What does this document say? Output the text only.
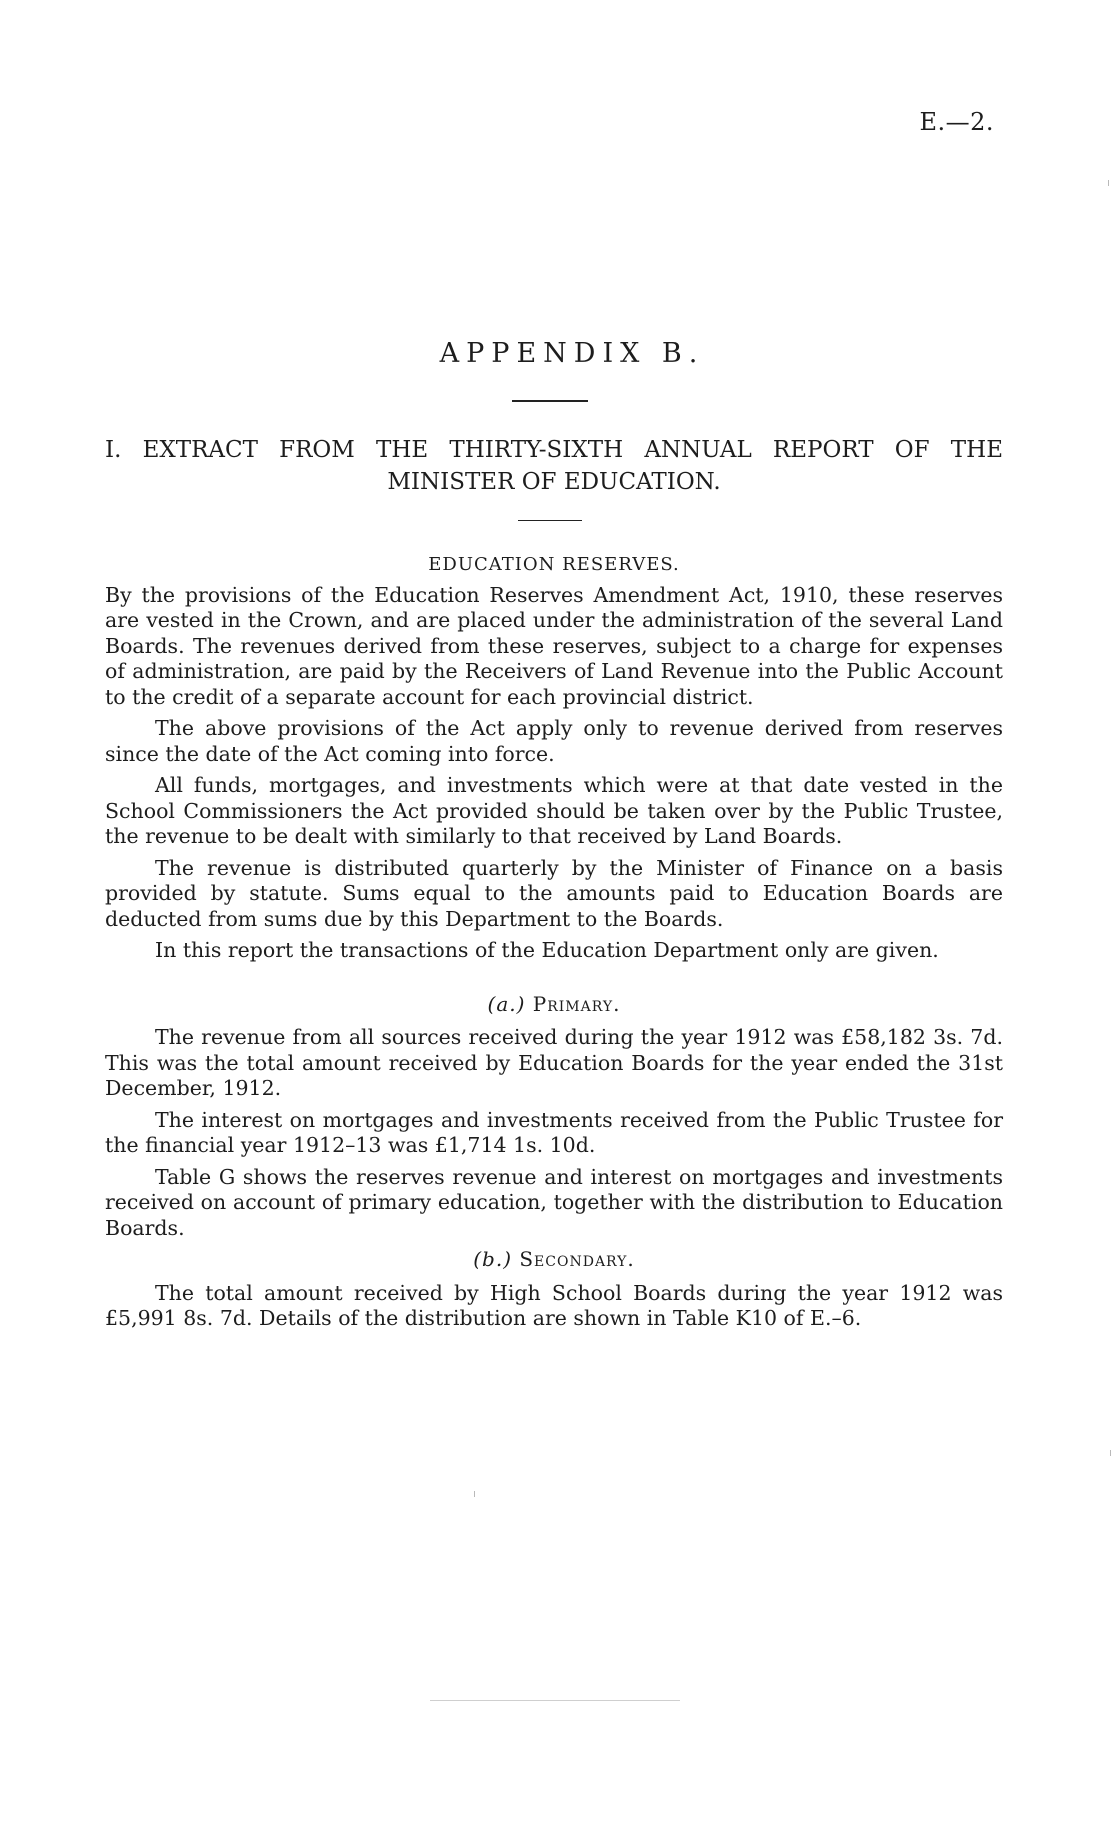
E.—2.
APPENDIX B.
I. EXTRACT FROM THE THIRTY-SIXTH ANNUAL REPORT OF THE
MINISTER OF EDUCATION.
EDUCATION RESERVES.

By the provisions of the Education Reserves Amendment Act, 1910, these reserves are vested in the Crown, and are placed under the administration of the several Land Boards. The revenues derived from these reserves, subject to a charge for expenses of administration, are paid by the Receivers of Land Revenue into the Public Account to the credit of a separate account for each provincial district.

The above provisions of the Act apply only to revenue derived from reserves since the date of the Act coming into force.

All funds, mortgages, and investments which were at that date vested in the School Commissioners the Act provided should be taken over by the Public Trustee, the revenue to be dealt with similarly to that received by Land Boards.

The revenue is distributed quarterly by the Minister of Finance on a basis provided by statute. Sums equal to the amounts paid to Education Boards are deducted from sums due by this Department to the Boards.

In this report the transactions of the Education Department only are given.

(a.) Primary.

The revenue from all sources received during the year 1912 was £58,182 3s. 7d. This was the total amount received by Education Boards for the year ended the 31st December, 1912.

The interest on mortgages and investments received from the Public Trustee for the financial year 1912–13 was £1,714 1s. 10d.

Table G shows the reserves revenue and interest on mortgages and investments received on account of primary education, together with the distribution to Education Boards.

(b.) Secondary.

The total amount received by High School Boards during the year 1912 was £5,991 8s. 7d. Details of the distribution are shown in Table K10 of E.–6.
